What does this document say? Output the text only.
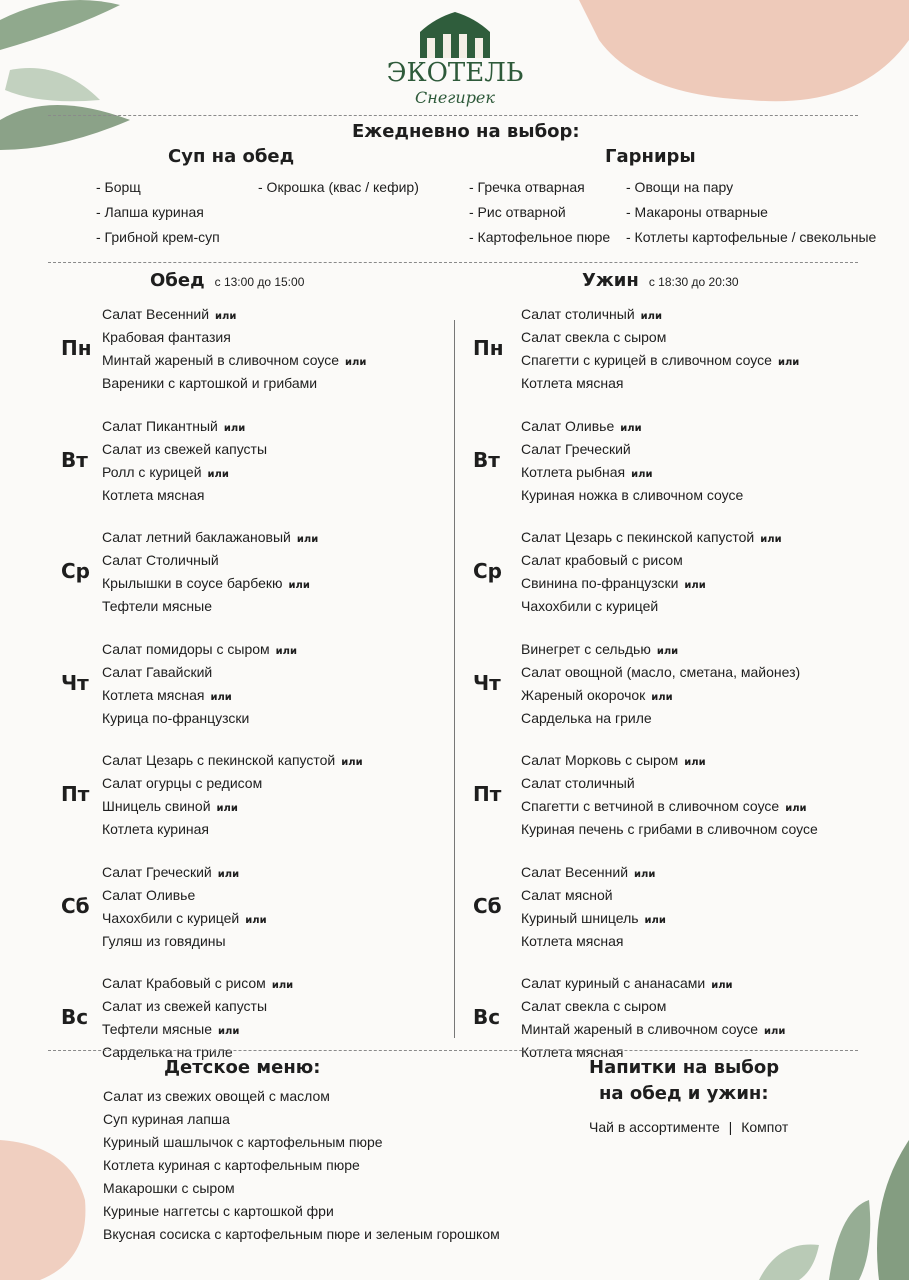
ЭКОТЕЛЬ
Снегирек
Ежедневно на выбор:
Суп на обед	Гарниры
- Борщ
- Лапша куриная
- Грибной крем-суп
- Окрошка (квас / кефир)	- Гречка отварная
- Рис отварной
- Картофельное пюре
- Овощи на пару
- Макароны отварные
- Котлеты картофельные / свекольные
Обед с 13:00 до 15:00	Ужин с 18:30 до 20:30
Пн
Салат Весенний или
Крабовая фантазия
Минтай жареный в сливочном соусе или
Вареники с картошкой и грибами
Вт
Салат Пикантный или
Салат из свежей капусты
Ролл с курицей или
Котлета мясная
Ср
Салат летний баклажановый или
Салат Столичный
Крылышки в соусе барбекю или
Тефтели мясные
Чт
Салат помидоры с сыром или
Салат Гавайский
Котлета мясная или
Курица по-французски
Пт
Салат Цезарь с пекинской капустой или
Салат огурцы с редисом
Шницель свиной или
Котлета куриная
Сб
Салат Греческий или
Салат Оливье
Чахохбили с курицей или
Гуляш из говядины
Вс
Салат Крабовый с рисом или
Салат из свежей капусты
Тефтели мясные или
Сарделька на гриле
Пн
Салат столичный или
Салат свекла с сыром
Спагетти с курицей в сливочном соусе или
Котлета мясная
Вт
Салат Оливье или
Салат Греческий
Котлета рыбная или
Куриная ножка в сливочном соусе
Ср
Салат Цезарь с пекинской капустой или
Салат крабовый с рисом
Свинина по-французски или
Чахохбили с курицей
Чт
Винегрет с сельдью или
Салат овощной (масло, сметана, майонез)
Жареный окорочок или
Сарделька на гриле
Пт
Салат Морковь с сыром или
Салат столичный
Спагетти с ветчиной в сливочном соусе или
Куриная печень с грибами в сливочном соусе
Сб
Салат Весенний или
Салат мясной
Куриный шницель или
Котлета мясная
Вс
Салат куриный с ананасами или
Салат свекла с сыром
Минтай жареный в сливочном соусе или
Котлета мясная
Детское меню:
Салат из свежих овощей с маслом
Суп куриная лапша
Куриный шашлычок с картофельным пюре
Котлета куриная с картофельным пюре
Макарошки с сыром
Куриные наггетсы с картошкой фри
Вкусная сосиска с картофельным пюре и зеленым горошком
Напитки на выбор
на обед и ужин:
Чай в ассортименте | Компот
